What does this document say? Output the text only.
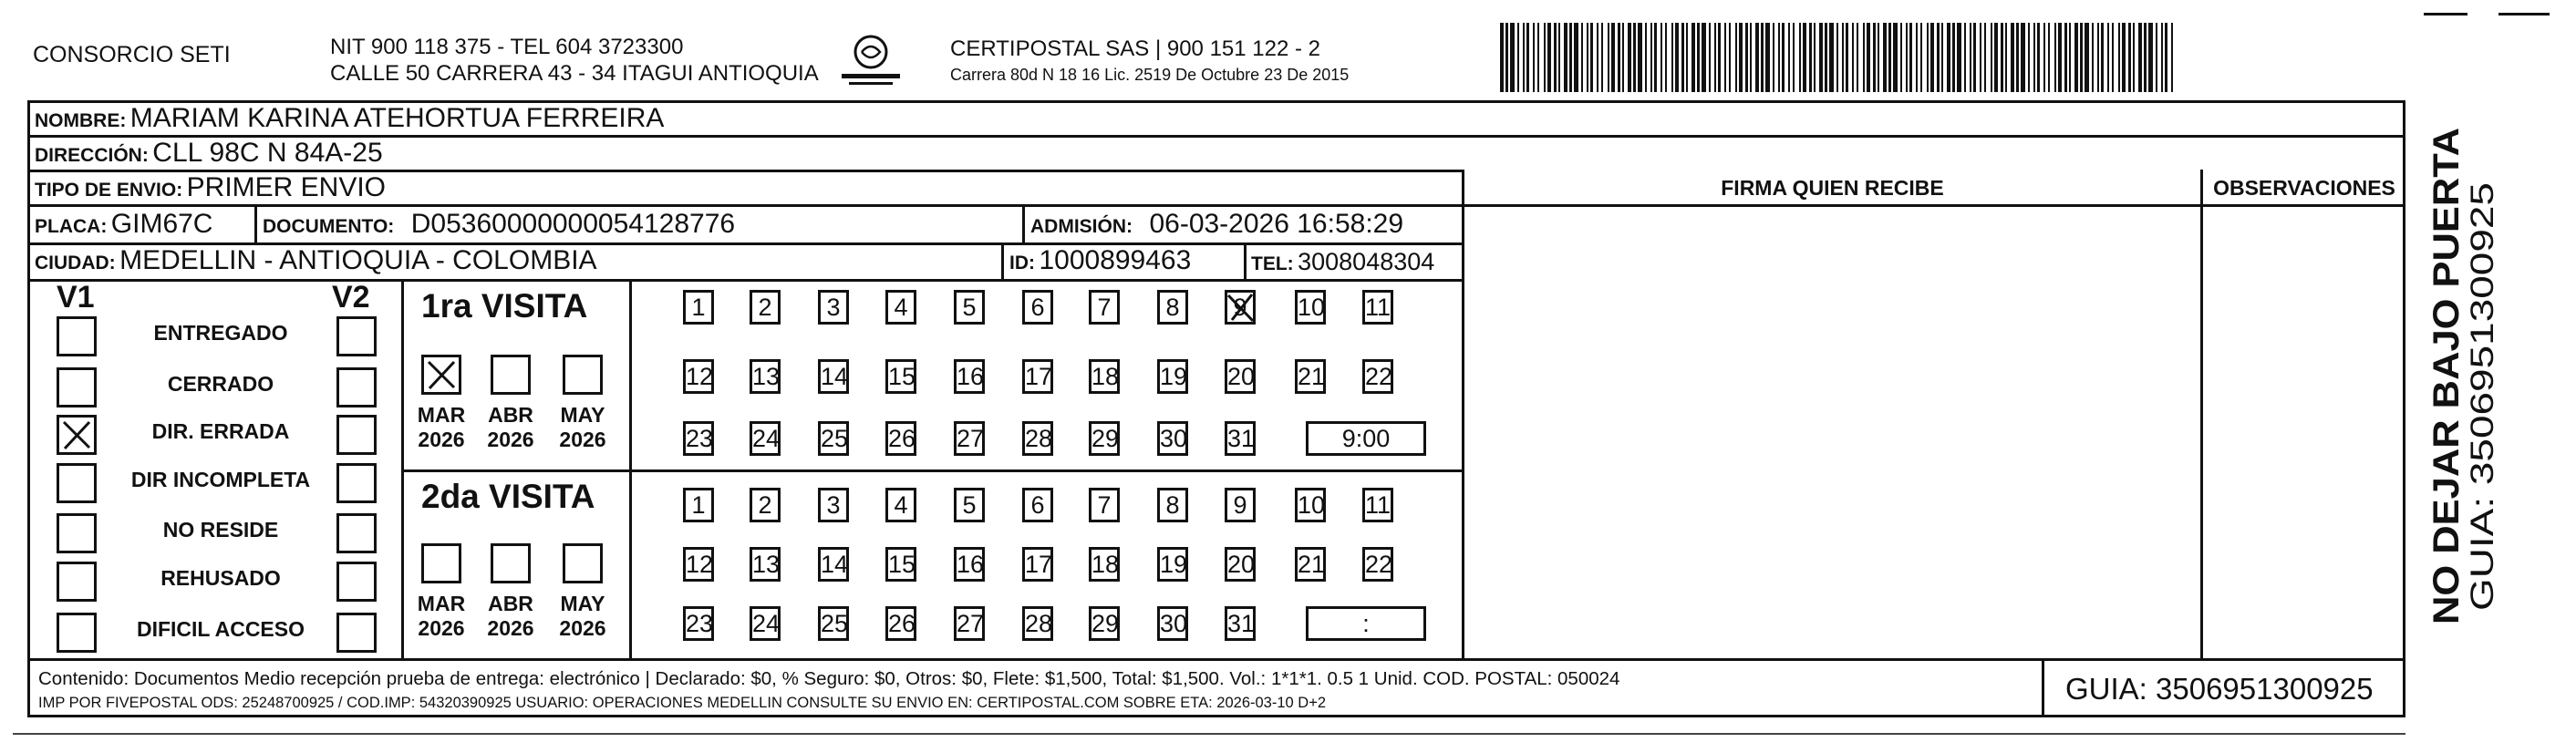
CONSORCIO SETI	NIT 900 118 375 - TEL 604 3723300
CALLE 50 CARRERA 43 - 34 ITAGUI ANTIOQUIA
CERTIPOSTAL SAS | 900 151 122 - 2
Carrera 80d N 18 16 Lic. 2519 De Octubre 23 De 2015
NOMBRE: MARIAM KARINA ATEHORTUA FERREIRA
DIRECCIÓN: CLL 98C N 84A-25
TIPO DE ENVIO: PRIMER ENVIO	FIRMA QUIEN RECIBE	OBSERVACIONES
PLACA: GIM67C	DOCUMENTO: D05360000000054128776	ADMISIÓN: 06-03-2026 16:58:29
CIUDAD: MEDELLIN - ANTIOQUIA - COLOMBIA	ID: 1000899463	TEL: 3008048304
V1	V2
ENTREGADO
CERRADO
DIR. ERRADA
DIR INCOMPLETA
NO RESIDE
REHUSADO
DIFICIL ACCESO
1ra VISITA
2da VISITA
MAR
2026
ABR
2026
MAY
2026
MAR
2026
ABR
2026
MAY
2026
1	2	3	4	5	6	7	8	9	10 11
12 13 14 15 16 17 18 19 20 21 22
23 24 25 26 27 28 29 30 31	9:00
1	2	3	4	5	6	7	8	9	10 11
12 13 14 15 16 17 18 19 20 21 22
23 24 25 26 27 28 29 30 31	:	NO DEJAR BAJO PUERTA
GUIA: 3506951300925
Contenido: Documentos Medio recepción prueba de entrega: electrónico | Declarado: $0, % Seguro: $0, Otros: $0, Flete: $1,500, Total: $1,500. Vol.: 1*1*1. 0.5 1 Unid. COD. POSTAL: 050024
IMP POR FIVEPOSTAL ODS: 25248700925 / COD.IMP: 54320390925 USUARIO: OPERACIONES MEDELLIN CONSULTE SU ENVIO EN: CERTIPOSTAL.COM SOBRE ETA: 2026-03-10 D+2	GUIA: 3506951300925
